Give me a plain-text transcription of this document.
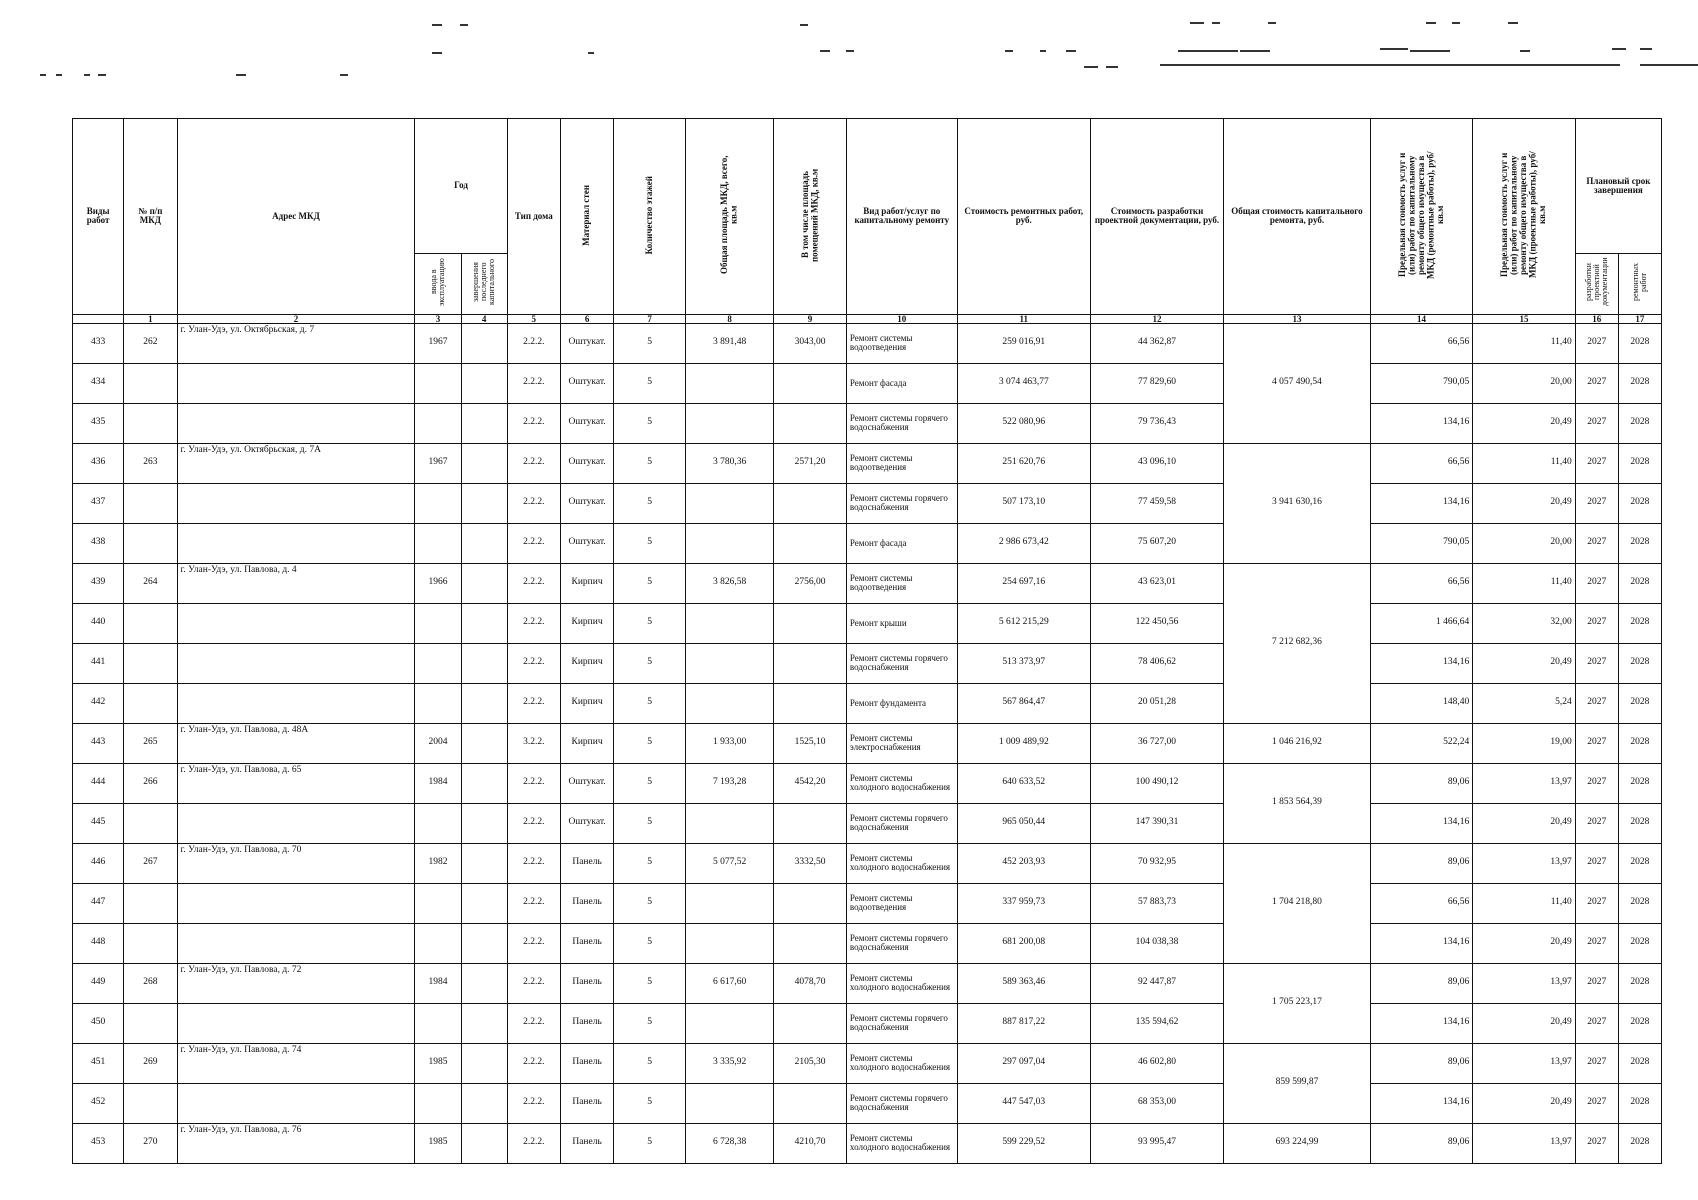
Виды работ	№ п/п МКД	Адрес МКД	Год		Тип дома	Материал стен	Количество этажей	Общая площадь МКД, всего, кв.м	В том числе площадь помещений МКД, кв.м	Вид работ/услуг по капитальному ремонту	Стоимость ремонтных работ, руб.	Стоимость разработки проектной документации, руб.	Общая стоимость капитального ремонта, руб.	Предельная стоимость услуг и (или) работ по капитальному ремонту общего имущества в МКД (ремонтные работы), руб/кв.м	Предельная стоимость услуг и (или) работ по капитальному ремонту общего имущества в МКД (проектные работы), руб/кв.м	Плановый срок завершения	
			ввода в эксплуатацию	завершения последнего капитального												разработки проектной документации	ремонтных работ
	1	2	3	4	5	6	7	8	9	10	11	12	13	14	15	16	17
433	262	г. Улан-Удэ, ул. Октябрьская, д. 7	1967		2.2.2.	Оштукат.	5	3 891,48	3043,00	Ремонт системы водоотведения	259 016,91	44 362,87	4 057 490,54	66,56	11,40	2027	2028
434					2.2.2.	Оштукат.	5			Ремонт фасада	3 074 463,77	77 829,60		790,05	20,00	2027	2028
435					2.2.2.	Оштукат.	5			Ремонт системы горячего водоснабжения	522 080,96	79 736,43		134,16	20,49	2027	2028
436	263	г. Улан-Удэ, ул. Октябрьская, д. 7А	1967		2.2.2.	Оштукат.	5	3 780,36	2571,20	Ремонт системы водоотведения	251 620,76	43 096,10	3 941 630,16	66,56	11,40	2027	2028
437					2.2.2.	Оштукат.	5			Ремонт системы горячего водоснабжения	507 173,10	77 459,58		134,16	20,49	2027	2028
438					2.2.2.	Оштукат.	5			Ремонт фасада	2 986 673,42	75 607,20		790,05	20,00	2027	2028
439	264	г. Улан-Удэ, ул. Павлова, д. 4	1966		2.2.2.	Кирпич	5	3 826,58	2756,00	Ремонт системы водоотведения	254 697,16	43 623,01	7 212 682,36	66,56	11,40	2027	2028
440					2.2.2.	Кирпич	5			Ремонт крыши	5 612 215,29	122 450,56		1 466,64	32,00	2027	2028
441					2.2.2.	Кирпич	5			Ремонт системы горячего водоснабжения	513 373,97	78 406,62		134,16	20,49	2027	2028
442					2.2.2.	Кирпич	5			Ремонт фундамента	567 864,47	20 051,28		148,40	5,24	2027	2028
443	265	г. Улан-Удэ, ул. Павлова, д. 48А	2004		3.2.2.	Кирпич	5	1 933,00	1525,10	Ремонт системы электроснабжения	1 009 489,92	36 727,00	1 046 216,92	522,24	19,00	2027	2028
444	266	г. Улан-Удэ, ул. Павлова, д. 65	1984		2.2.2.	Оштукат.	5	7 193,28	4542,20	Ремонт системы холодного водоснабжения	640 633,52	100 490,12	1 853 564,39	89,06	13,97	2027	2028
445					2.2.2.	Оштукат.	5			Ремонт системы горячего водоснабжения	965 050,44	147 390,31		134,16	20,49	2027	2028
446	267	г. Улан-Удэ, ул. Павлова, д. 70	1982		2.2.2.	Панель	5	5 077,52	3332,50	Ремонт системы холодного водоснабжения	452 203,93	70 932,95	1 704 218,80	89,06	13,97	2027	2028
447					2.2.2.	Панель	5			Ремонт системы водоотведения	337 959,73	57 883,73		66,56	11,40	2027	2028
448					2.2.2.	Панель	5			Ремонт системы горячего водоснабжения	681 200,08	104 038,38		134,16	20,49	2027	2028
449	268	г. Улан-Удэ, ул. Павлова, д. 72	1984		2.2.2.	Панель	5	6 617,60	4078,70	Ремонт системы холодного водоснабжения	589 363,46	92 447,87	1 705 223,17	89,06	13,97	2027	2028
450					2.2.2.	Панель	5			Ремонт системы горячего водоснабжения	887 817,22	135 594,62		134,16	20,49	2027	2028
451	269	г. Улан-Удэ, ул. Павлова, д. 74	1985		2.2.2.	Панель	5	3 335,92	2105,30	Ремонт системы холодного водоснабжения	297 097,04	46 602,80	859 599,87	89,06	13,97	2027	2028
452					2.2.2.	Панель	5			Ремонт системы горячего водоснабжения	447 547,03	68 353,00		134,16	20,49	2027	2028
453	270	г. Улан-Удэ, ул. Павлова, д. 76	1985		2.2.2.	Панель	5	6 728,38	4210,70	Ремонт системы холодного водоснабжения	599 229,52	93 995,47	693 224,99	89,06	13,97	2027	2028
